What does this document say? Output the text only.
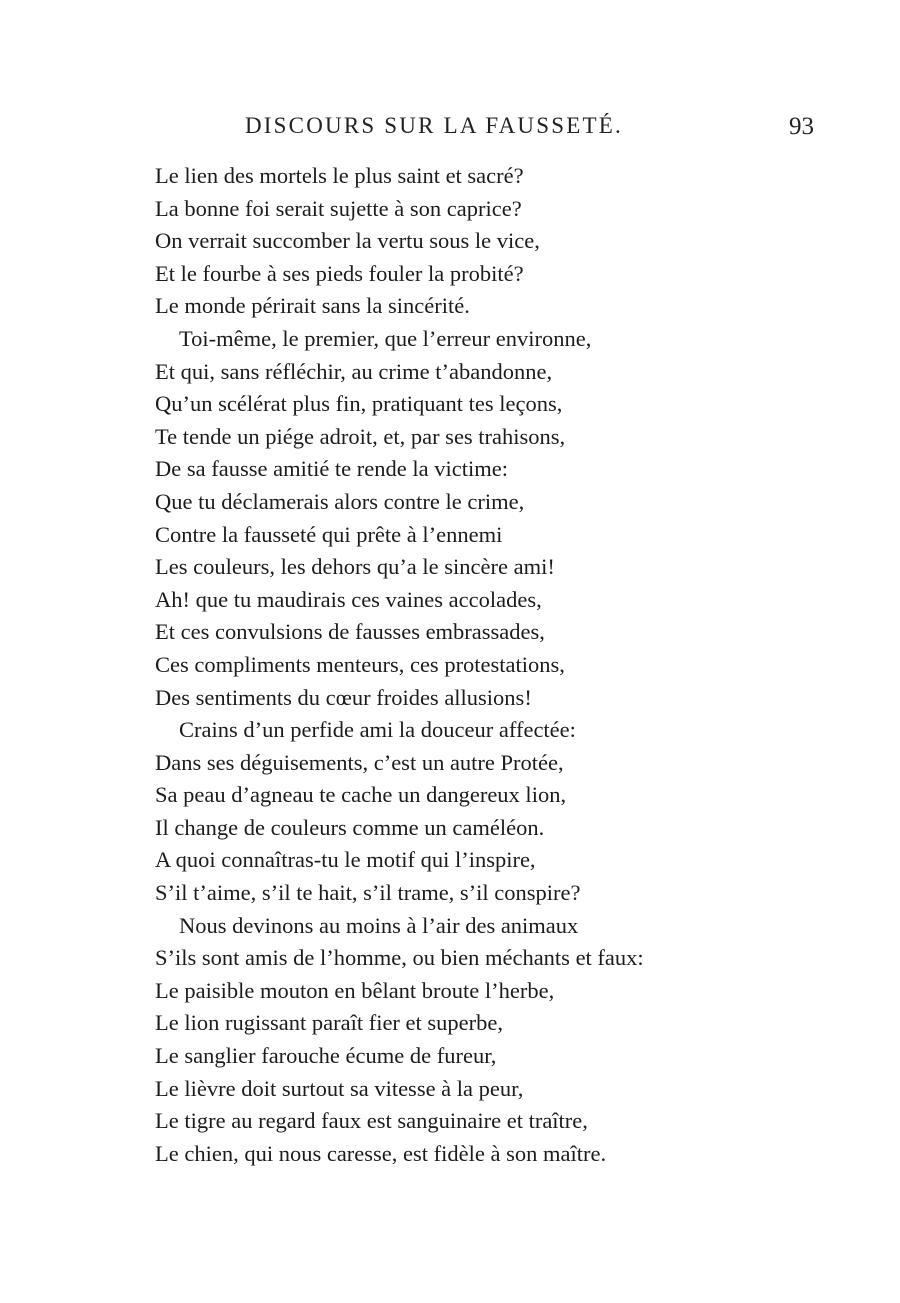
DISCOURS SUR LA FAUSSETÉ.	93
Le lien des mortels le plus saint et sacré?
La bonne foi serait sujette à son caprice?
On verrait succomber la vertu sous le vice,
Et le fourbe à ses pieds fouler la probité?
Le monde périrait sans la sincérité.
Toi-même, le premier, que l’erreur environne,
Et qui, sans réfléchir, au crime t’abandonne,
Qu’un scélérat plus fin, pratiquant tes leçons,
Te tende un piége adroit, et, par ses trahisons,
De sa fausse amitié te rende la victime:
Que tu déclamerais alors contre le crime,
Contre la fausseté qui prête à l’ennemi
Les couleurs, les dehors qu’a le sincère ami!
Ah! que tu maudirais ces vaines accolades,
Et ces convulsions de fausses embrassades,
Ces compliments menteurs, ces protestations,
Des sentiments du cœur froides allusions!
Crains d’un perfide ami la douceur affectée:
Dans ses déguisements, c’est un autre Protée,
Sa peau d’agneau te cache un dangereux lion,
Il change de couleurs comme un caméléon.
A quoi connaîtras-tu le motif qui l’inspire,
S’il t’aime, s’il te hait, s’il trame, s’il conspire?
Nous devinons au moins à l’air des animaux
S’ils sont amis de l’homme, ou bien méchants et faux:
Le paisible mouton en bêlant broute l’herbe,
Le lion rugissant paraît fier et superbe,
Le sanglier farouche écume de fureur,
Le lièvre doit surtout sa vitesse à la peur,
Le tigre au regard faux est sanguinaire et traître,
Le chien, qui nous caresse, est fidèle à son maître.
